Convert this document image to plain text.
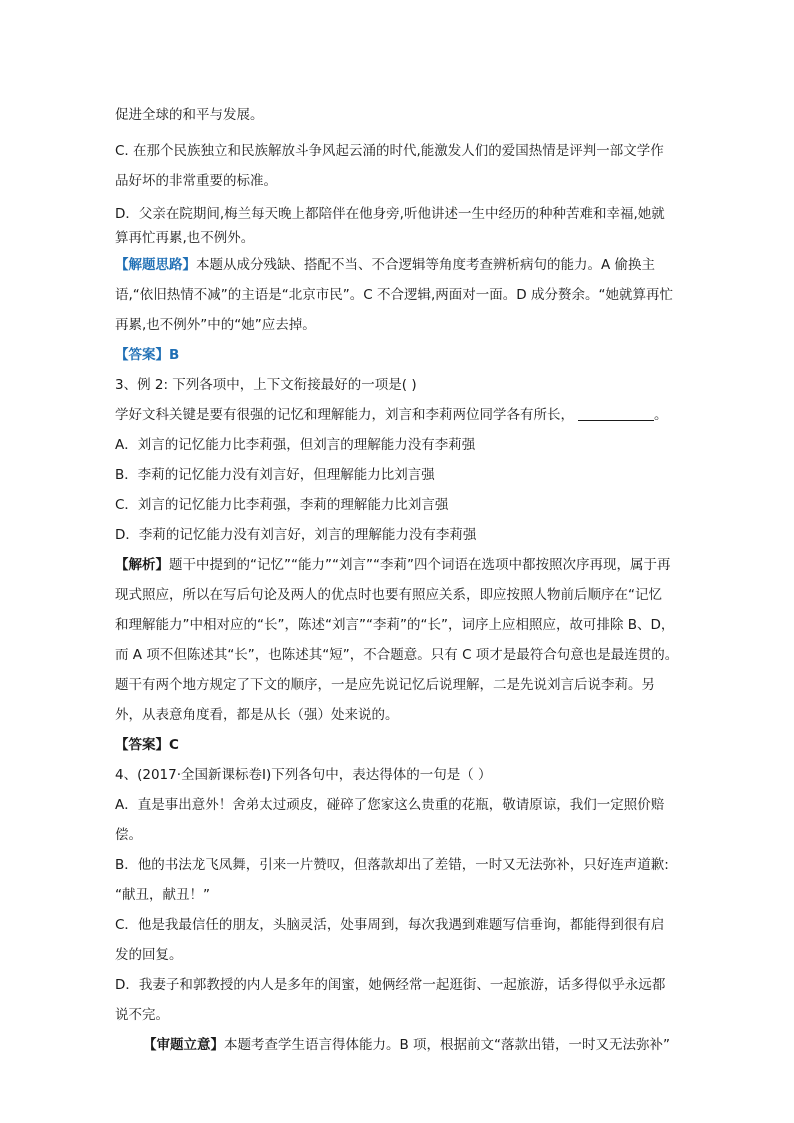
促进全球的和平与发展。
C. 在那个民族独立和民族解放斗争风起云涌的时代,能激发人们的爱国热情是评判一部文学作
品好坏的非常重要的标准。
D．父亲在院期间,梅兰每天晚上都陪伴在他身旁,听他讲述一生中经历的种种苦难和幸福,她就
算再忙再累,也不例外。
【解题思路】本题从成分残缺、搭配不当、不合逻辑等角度考查辨析病句的能力。A 偷换主
语,“依旧热情不减”的主语是“北京市民”。C 不合逻辑,两面对一面。D 成分赘余。“她就算再忙
再累,也不例外”中的“她”应去掉。
【答案】B
3、例 2: 下列各项中，上下文衔接最好的一项是( )
学好文科关键是要有很强的记忆和理解能力，刘言和李莉两位同学各有所长，	。
A．刘言的记忆能力比李莉强，但刘言的理解能力没有李莉强
B．李莉的记忆能力没有刘言好，但理解能力比刘言强
C．刘言的记忆能力比李莉强，李莉的理解能力比刘言强
D．李莉的记忆能力没有刘言好，刘言的理解能力没有李莉强
【解析】题干中提到的“记忆”“能力”“刘言”“李莉”四个词语在选项中都按照次序再现，属于再
现式照应，所以在写后句论及两人的优点时也要有照应关系，即应按照人物前后顺序在“记忆
和理解能力”中相对应的“长”，陈述“刘言”“李莉”的“长”，词序上应相照应，故可排除 B、D，
而 A 项不但陈述其“长”，也陈述其“短”，不合题意。只有 C 项才是最符合句意也是最连贯的。
题干有两个地方规定了下文的顺序，一是应先说记忆后说理解，二是先说刘言后说李莉。另
外，从表意角度看，都是从长（强）处来说的。
【答案】C
4、(2017·全国新课标卷Ⅰ)下列各句中，表达得体的一句是（ ）
A．直是事出意外！舍弟太过顽皮，碰碎了您家这么贵重的花瓶，敬请原谅，我们一定照价赔
偿。
B．他的书法龙飞凤舞，引来一片赞叹，但落款却出了差错，一时又无法弥补，只好连声道歉:
“献丑，献丑！”
C．他是我最信任的朋友，头脑灵活，处事周到，每次我遇到难题写信垂询，都能得到很有启
发的回复。
D．我妻子和郭教授的内人是多年的闺蜜，她俩经常一起逛街、一起旅游，话多得似乎永远都
说不完。
【审题立意】本题考查学生语言得体能力。B 项，根据前文“落款出错，一时又无法弥补”
